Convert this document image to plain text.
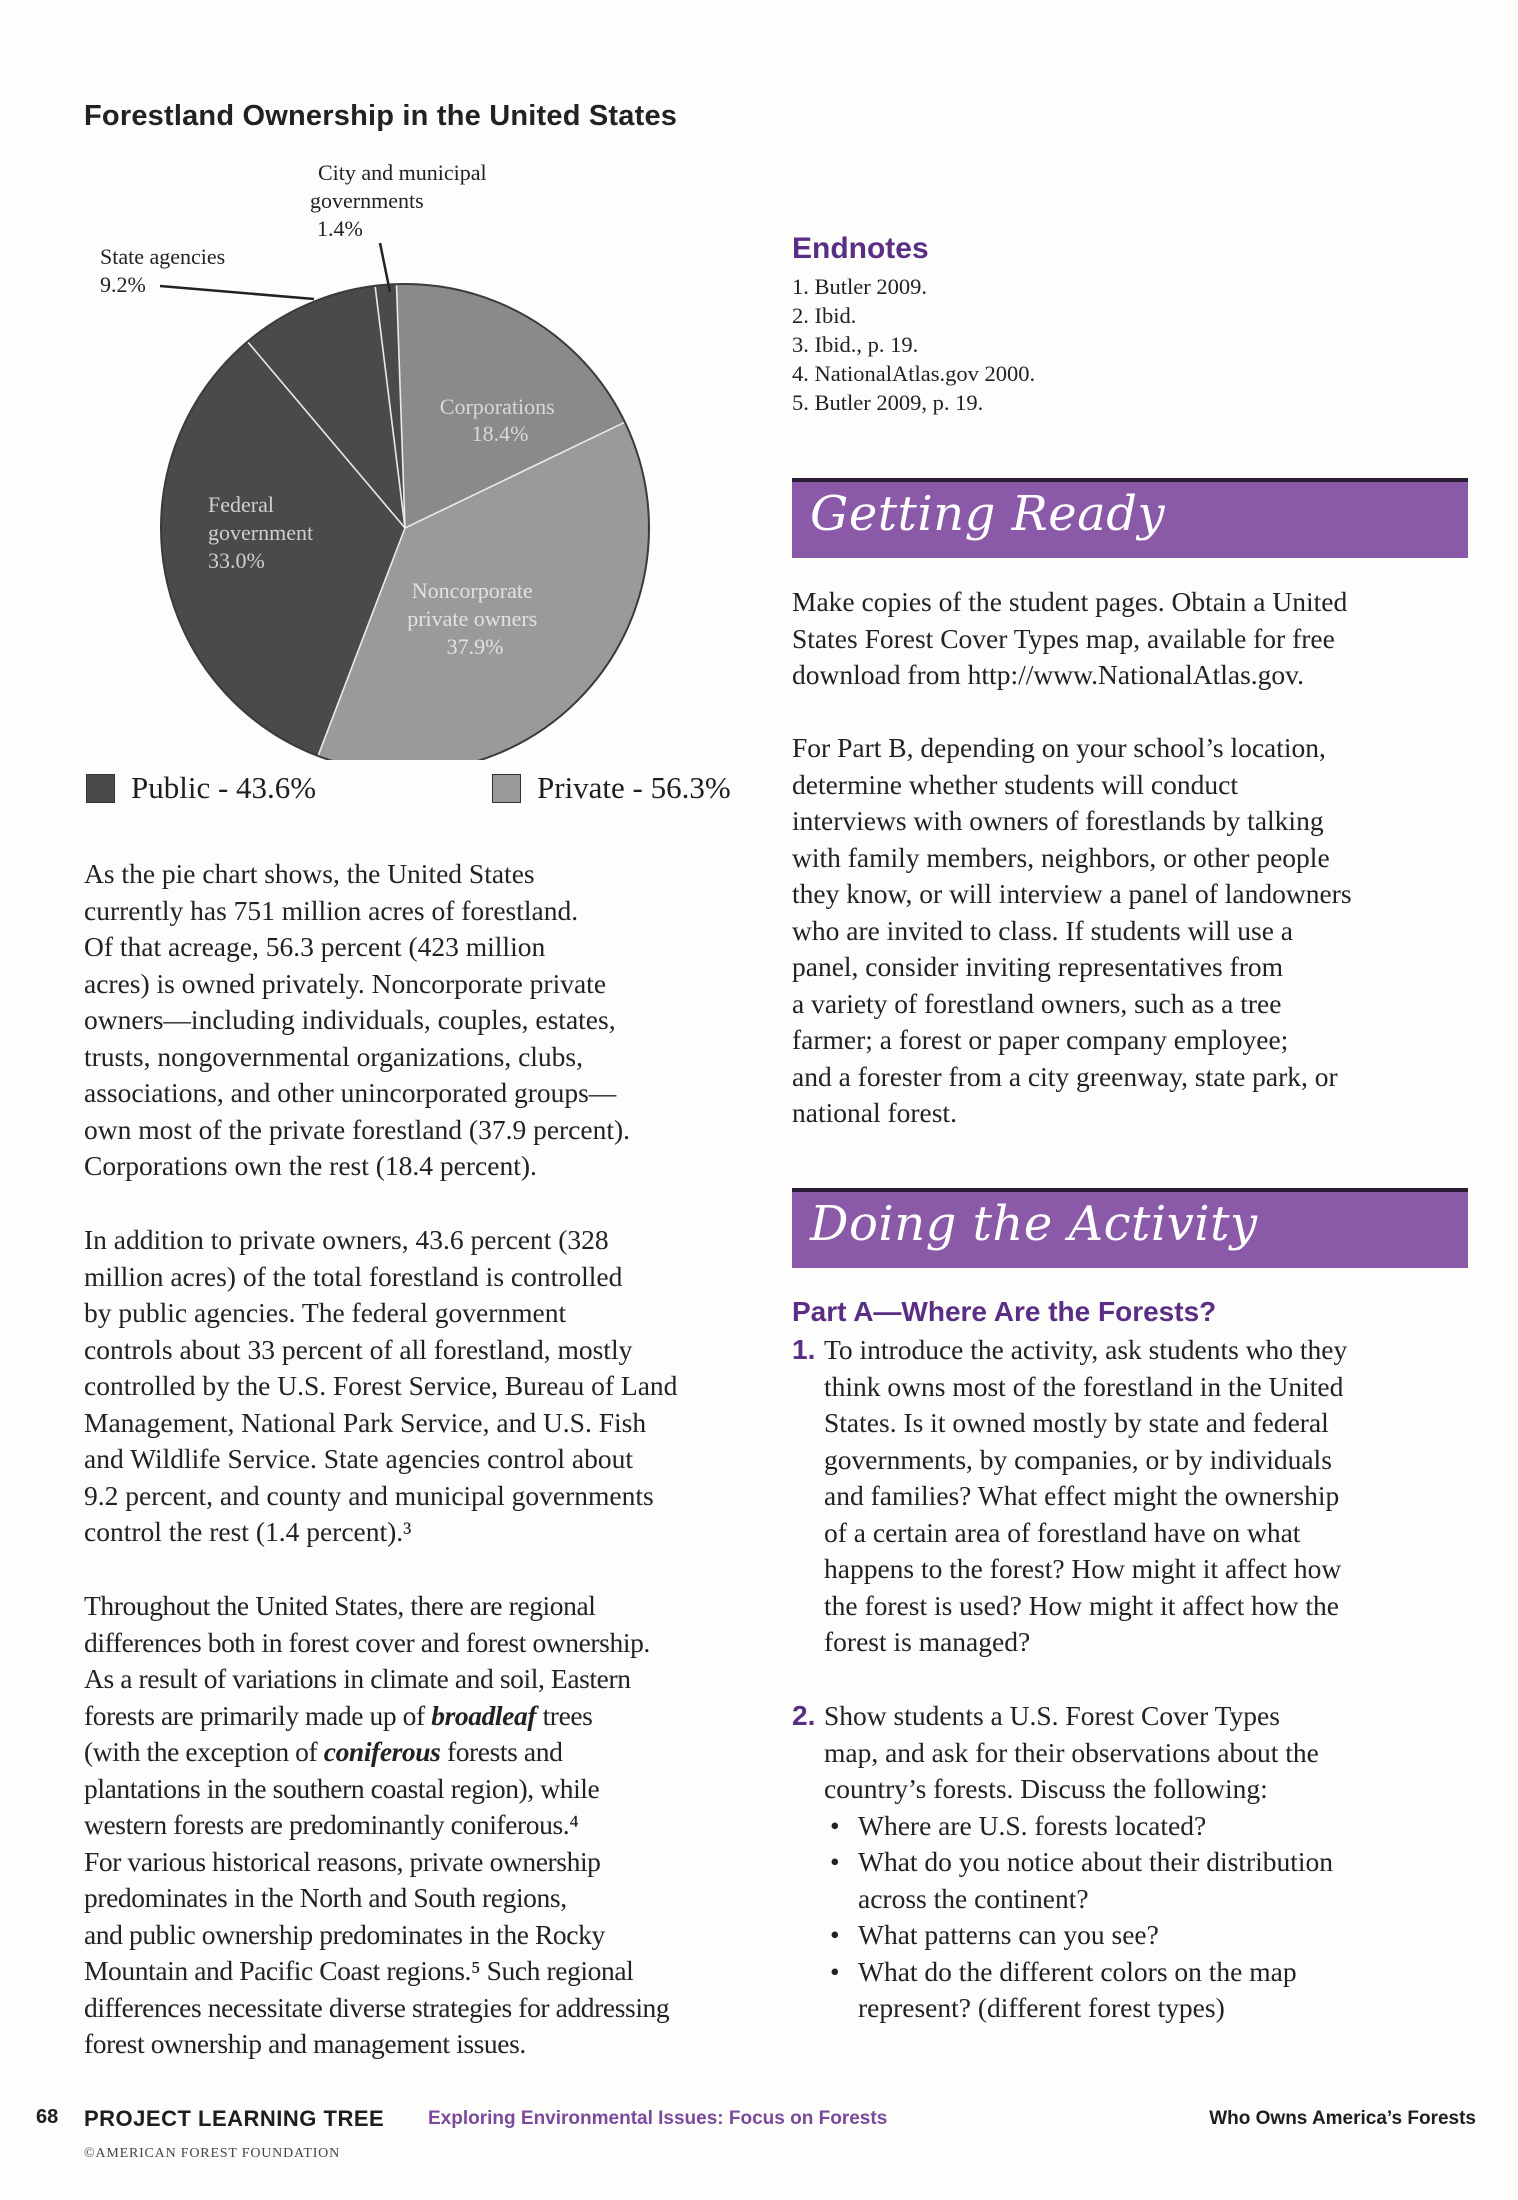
Forestland Ownership in the United States
Corporations 18.4%
Noncorporate private owners 37.9%
Federal government 33.0%
State agencies 9.2%
City and municipal governments 1.4%
Public - 43.6%	Private - 56.3%
As the pie chart shows, the United States
currently has 751 million acres of forestland.
Of that acreage, 56.3 percent (423 million
acres) is owned privately. Noncorporate private
owners—including individuals, couples, estates,
trusts, nongovernmental organizations, clubs,
associations, and other unincorporated groups—
own most of the private forestland (37.9 percent).
Corporations own the rest (18.4 percent).
In addition to private owners, 43.6 percent (328
million acres) of the total forestland is controlled
by public agencies. The federal government
controls about 33 percent of all forestland, mostly
controlled by the U.S. Forest Service, Bureau of Land
Management, National Park Service, and U.S. Fish
and Wildlife Service. State agencies control about
9.2 percent, and county and municipal governments
control the rest (1.4 percent).³
Throughout the United States, there are regional
differences both in forest cover and forest ownership.
As a result of variations in climate and soil, Eastern
forests are primarily made up of broadleaf trees
(with the exception of coniferous forests and
plantations in the southern coastal region), while
western forests are predominantly coniferous.⁴
For various historical reasons, private ownership
predominates in the North and South regions,
and public ownership predominates in the Rocky
Mountain and Pacific Coast regions.⁵ Such regional
differences necessitate diverse strategies for addressing
forest ownership and management issues.
Endnotes
1. Butler 2009.
2. Ibid.
3. Ibid., p. 19.
4. NationalAtlas.gov 2000.
5. Butler 2009, p. 19.
Getting Ready
Make copies of the student pages. Obtain a United
States Forest Cover Types map, available for free
download from http://www.NationalAtlas.gov.
For Part B, depending on your school’s location,
determine whether students will conduct
interviews with owners of forestlands by talking
with family members, neighbors, or other people
they know, or will interview a panel of landowners
who are invited to class. If students will use a
panel, consider inviting representatives from
a variety of forestland owners, such as a tree
farmer; a forest or paper company employee;
and a forester from a city greenway, state park, or
national forest.
Doing the Activity
Part A—Where Are the Forests?
1. To introduce the activity, ask students who they
think owns most of the forestland in the United
States. Is it owned mostly by state and federal
governments, by companies, or by individuals
and families? What effect might the ownership
of a certain area of forestland have on what
happens to the forest? How might it affect how
the forest is used? How might it affect how the
forest is managed?
2. Show students a U.S. Forest Cover Types
map, and ask for their observations about the
country’s forests. Discuss the following:
• Where are U.S. forests located?
• What do you notice about their distribution
across the continent?
• What patterns can you see?
• What do the different colors on the map
represent? (different forest types)
68 PROJECT LEARNING TREE Exploring Environmental Issues: Focus on Forests	Who Owns America’s Forests
©AMERICAN FOREST FOUNDATION
